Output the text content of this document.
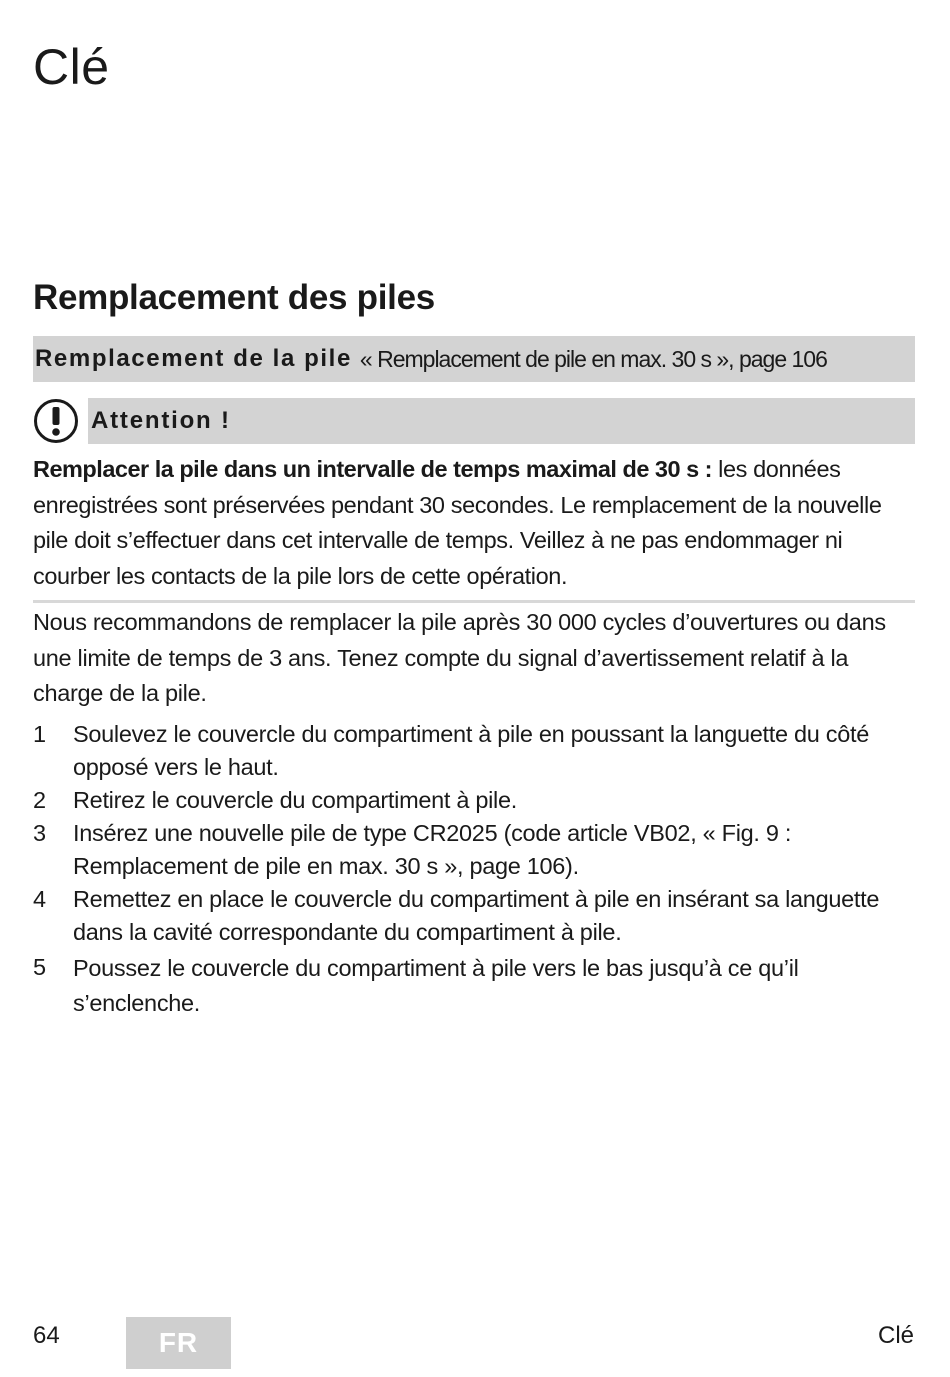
Clé
Remplacement des piles
Remplacement de la pile « Remplacement de pile en max. 30 s », page 106
Attention !

Remplacer la pile dans un intervalle de temps maximal de 30 s : les données enregistrées sont préservées pendant 30 secondes. Le remplacement de la nouvelle pile doit s’effectuer dans cet intervalle de temps. Veillez à ne pas endommager ni courber les contacts de la pile lors de cette opération.

Nous recommandons de remplacer la pile après 30 000 cycles d’ouvertures ou dans une limite de temps de 3 ans. Tenez compte du signal d’avertissement relatif à la charge de la pile.

1	Soulevez le couvercle du compartiment à pile en poussant la languette du côté opposé vers le haut.
2	Retirez le couvercle du compartiment à pile.
3	Insérez une nouvelle pile de type CR2025 (code article VB02, « Fig. 9 : Remplacement de pile en max. 30 s », page 106).
4	Remettez en place le couvercle du compartiment à pile en insérant sa languette dans la cavité correspondante du compartiment à pile.
5	Poussez le couvercle du compartiment à pile vers le bas jusqu’à ce qu’il s’enclenche.
64	FR	Clé
